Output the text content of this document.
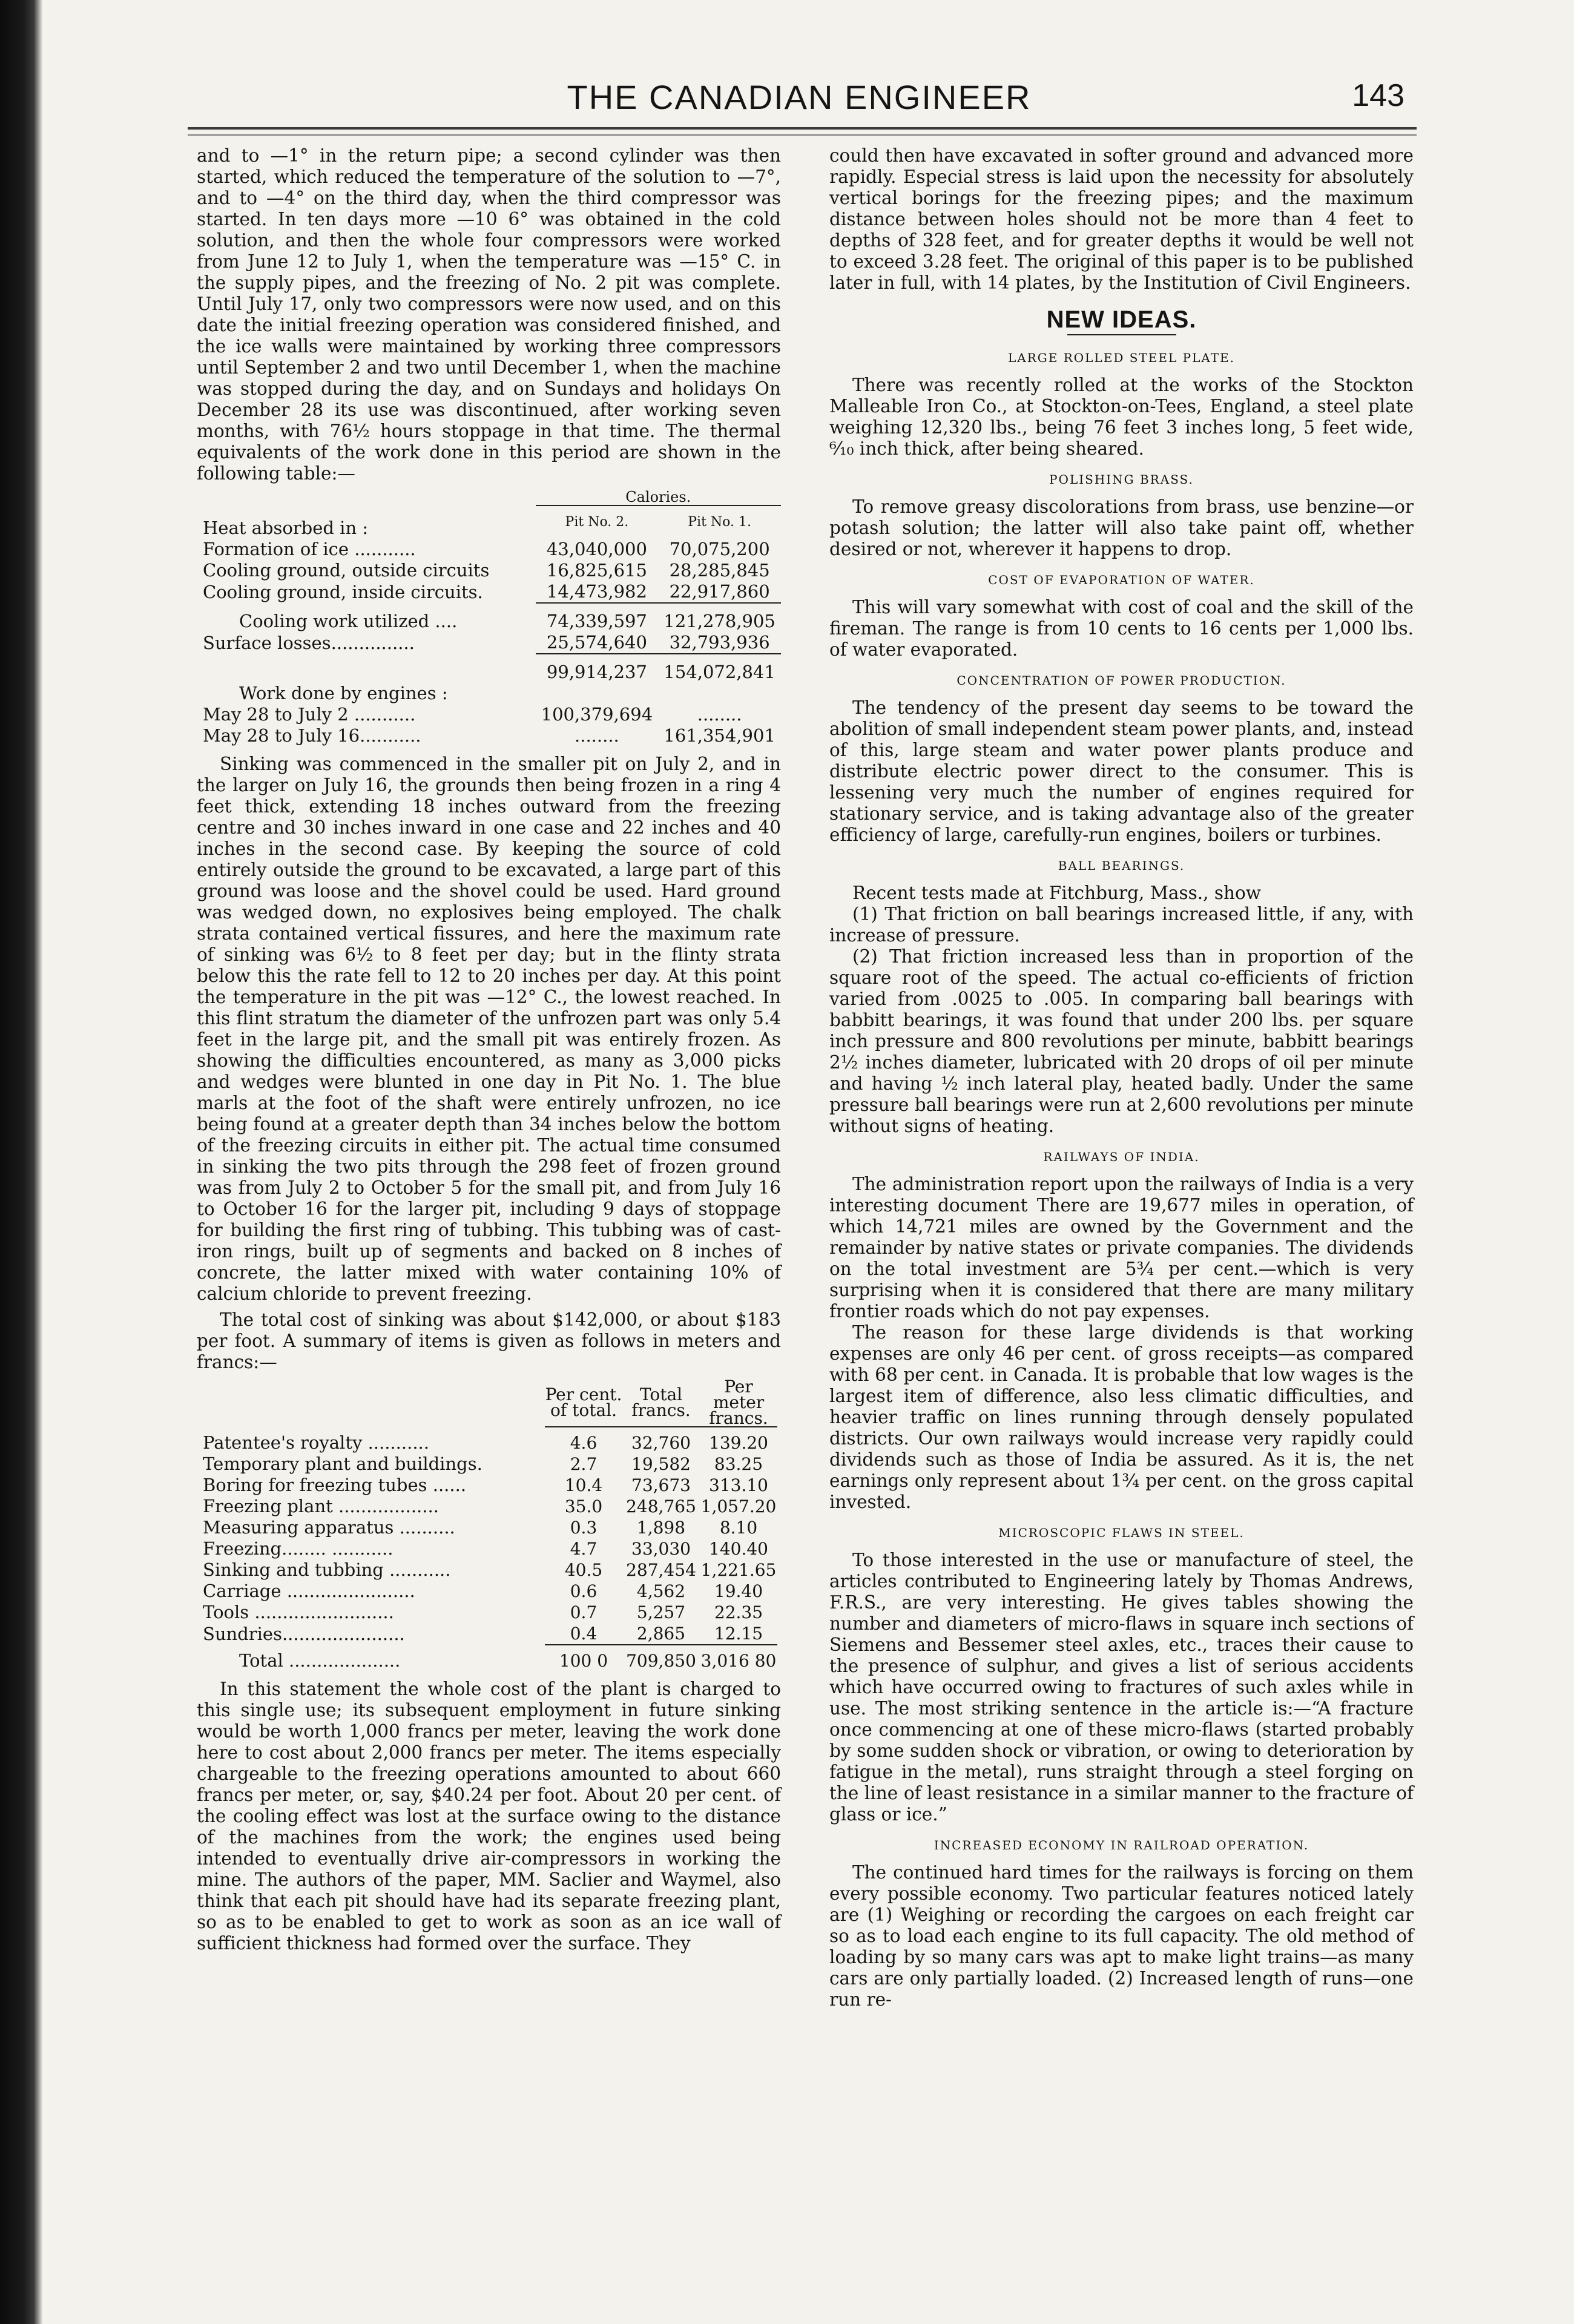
THE CANADIAN ENGINEER	143

and to —1° in the return pipe; a second cylinder was then started, which reduced the temperature of the solution to —7°, and to —4° on the third day, when the third compressor was started. In ten days more —10 6° was obtained in the cold solution, and then the whole four compressors were worked from June 12 to July 1, when the temperature was —15° C. in the supply pipes, and the freezing of No. 2 pit was complete. Until July 17, only two compressors were now used, and on this date the initial freezing operation was considered finished, and the ice walls were maintained by working three compressors until September 2 and two until December 1, when the machine was stopped during the day, and on Sundays and holidays On December 28 its use was discontinued, after working seven months, with 76½ hours stoppage in that time. The thermal equivalents of the work done in this period are shown in the following table:—

	Calories.	
Heat absorbed in :	Pit No. 2.	Pit No. 1.
Formation of ice ...........	43,040,000	70,075,200
Cooling ground, outside circuits	16,825,615	28,285,845
Cooling ground, inside circuits.	14,473,982	22,917,860
Cooling work utilized ....	74,339,597	121,278,905
Surface losses...............	25,574,640	32,793,936
	99,914,237	154,072,841
Work done by engines :		
May 28 to July 2 ...........	100,379,694	........
May 28 to July 16...........	........	161,354,901

Sinking was commenced in the smaller pit on July 2, and in the larger on July 16, the grounds then being frozen in a ring 4 feet thick, extending 18 inches outward from the freezing centre and 30 inches inward in one case and 22 inches and 40 inches in the second case. By keeping the source of cold entirely outside the ground to be excavated, a large part of this ground was loose and the shovel could be used. Hard ground was wedged down, no explosives being employed. The chalk strata contained vertical fissures, and here the maximum rate of sinking was 6½ to 8 feet per day; but in the flinty strata below this the rate fell to 12 to 20 inches per day. At this point the temperature in the pit was —12° C., the lowest reached. In this flint stratum the diameter of the unfrozen part was only 5.4 feet in the large pit, and the small pit was entirely frozen. As showing the difficulties encountered, as many as 3,000 picks and wedges were blunted in one day in Pit No. 1. The blue marls at the foot of the shaft were entirely unfrozen, no ice being found at a greater depth than 34 inches below the bottom of the freezing circuits in either pit. The actual time consumed in sinking the two pits through the 298 feet of frozen ground was from July 2 to October 5 for the small pit, and from July 16 to October 16 for the larger pit, including 9 days of stoppage for building the first ring of tubbing. This tubbing was of cast-iron rings, built up of segments and backed on 8 inches of concrete, the latter mixed with water containing 10% of calcium chloride to prevent freezing.

The total cost of sinking was about $142,000, or about $183 per foot. A summary of items is given as follows in meters and francs:—

	Per cent. of total.	Total francs.	Per meter francs.
Patentee's royalty ...........	4.6	32,760	139.20
Temporary plant and buildings.	2.7	19,582	83.25
Boring for freezing tubes ......	10.4	73,673	313.10
Freezing plant ..................	35.0	248,765	1,057.20
Measuring apparatus ..........	0.3	1,898	8.10
Freezing........ ...........	4.7	33,030	140.40
Sinking and tubbing ...........	40.5	287,454	1,221.65
Carriage .......................	0.6	4,562	19.40
Tools .........................	0.7	5,257	22.35
Sundries......................	0.4	2,865	12.15
Total ....................	100 0	709,850	3,016 80

In this statement the whole cost of the plant is charged to this single use; its subsequent employment in future sinking would be worth 1,000 francs per meter, leaving the work done here to cost about 2,000 francs per meter. The items especially chargeable to the freezing operations amounted to about 660 francs per meter, or, say, $40.24 per foot. About 20 per cent. of the cooling effect was lost at the surface owing to the distance of the machines from the work; the engines used being intended to eventually drive air-compressors in working the mine. The authors of the paper, MM. Saclier and Waymel, also think that each pit should have had its separate freezing plant, so as to be enabled to get to work as soon as an ice wall of sufficient thickness had formed over the surface. They

could then have excavated in softer ground and advanced more rapidly. Especial stress is laid upon the necessity for absolutely vertical borings for the freezing pipes; and the maximum distance between holes should not be more than 4 feet to depths of 328 feet, and for greater depths it would be well not to exceed 3.28 feet. The original of this paper is to be published later in full, with 14 plates, by the Institution of Civil Engineers.

NEW IDEAS.
LARGE ROLLED STEEL PLATE.

There was recently rolled at the works of the Stockton Malleable Iron Co., at Stockton-on-Tees, England, a steel plate weighing 12,320 lbs., being 76 feet 3 inches long, 5 feet wide, ⁶⁄₁₀ inch thick, after being sheared.

POLISHING BRASS.

To remove greasy discolorations from brass, use benzine—or potash solution; the latter will also take paint off, whether desired or not, wherever it happens to drop.

COST OF EVAPORATION OF WATER.

This will vary somewhat with cost of coal and the skill of the fireman. The range is from 10 cents to 16 cents per 1,000 lbs. of water evaporated.

CONCENTRATION OF POWER PRODUCTION.

The tendency of the present day seems to be toward the abolition of small independent steam power plants, and, instead of this, large steam and water power plants produce and distribute electric power direct to the consumer. This is lessening very much the number of engines required for stationary service, and is taking advantage also of the greater efficiency of large, carefully-run engines, boilers or turbines.

BALL BEARINGS.

Recent tests made at Fitchburg, Mass., show

(1) That friction on ball bearings increased little, if any, with increase of pressure.

(2) That friction increased less than in proportion of the square root of the speed. The actual co-efficients of friction varied from .0025 to .005. In comparing ball bearings with babbitt bearings, it was found that under 200 lbs. per square inch pressure and 800 revolutions per minute, babbitt bearings 2½ inches diameter, lubricated with 20 drops of oil per minute and having ½ inch lateral play, heated badly. Under the same pressure ball bearings were run at 2,600 revolutions per minute without signs of heating.

RAILWAYS OF INDIA.

The administration report upon the railways of India is a very interesting document There are 19,677 miles in operation, of which 14,721 miles are owned by the Government and the remainder by native states or private companies. The dividends on the total investment are 5¾ per cent.—which is very surprising when it is considered that there are many military frontier roads which do not pay expenses.

The reason for these large dividends is that working expenses are only 46 per cent. of gross receipts—as compared with 68 per cent. in Canada. It is probable that low wages is the largest item of difference, also less climatic difficulties, and heavier traffic on lines running through densely populated districts. Our own railways would increase very rapidly could dividends such as those of India be assured. As it is, the net earnings only represent about 1¾ per cent. on the gross capital invested.

MICROSCOPIC FLAWS IN STEEL.

To those interested in the use or manufacture of steel, the articles contributed to Engineering lately by Thomas Andrews, F.R.S., are very interesting. He gives tables showing the number and diameters of micro-flaws in square inch sections of Siemens and Bessemer steel axles, etc., traces their cause to the presence of sulphur, and gives a list of serious accidents which have occurred owing to fractures of such axles while in use. The most striking sentence in the article is:—“A fracture once commencing at one of these micro-flaws (started probably by some sudden shock or vibration, or owing to deterioration by fatigue in the metal), runs straight through a steel forging on the line of least resistance in a similar manner to the fracture of glass or ice.”

INCREASED ECONOMY IN RAILROAD OPERATION.

The continued hard times for the railways is forcing on them every possible economy. Two particular features noticed lately are (1) Weighing or recording the cargoes on each freight car so as to load each engine to its full capacity. The old method of loading by so many cars was apt to make light trains—as many cars are only partially loaded. (2) Increased length of runs—one run re-
